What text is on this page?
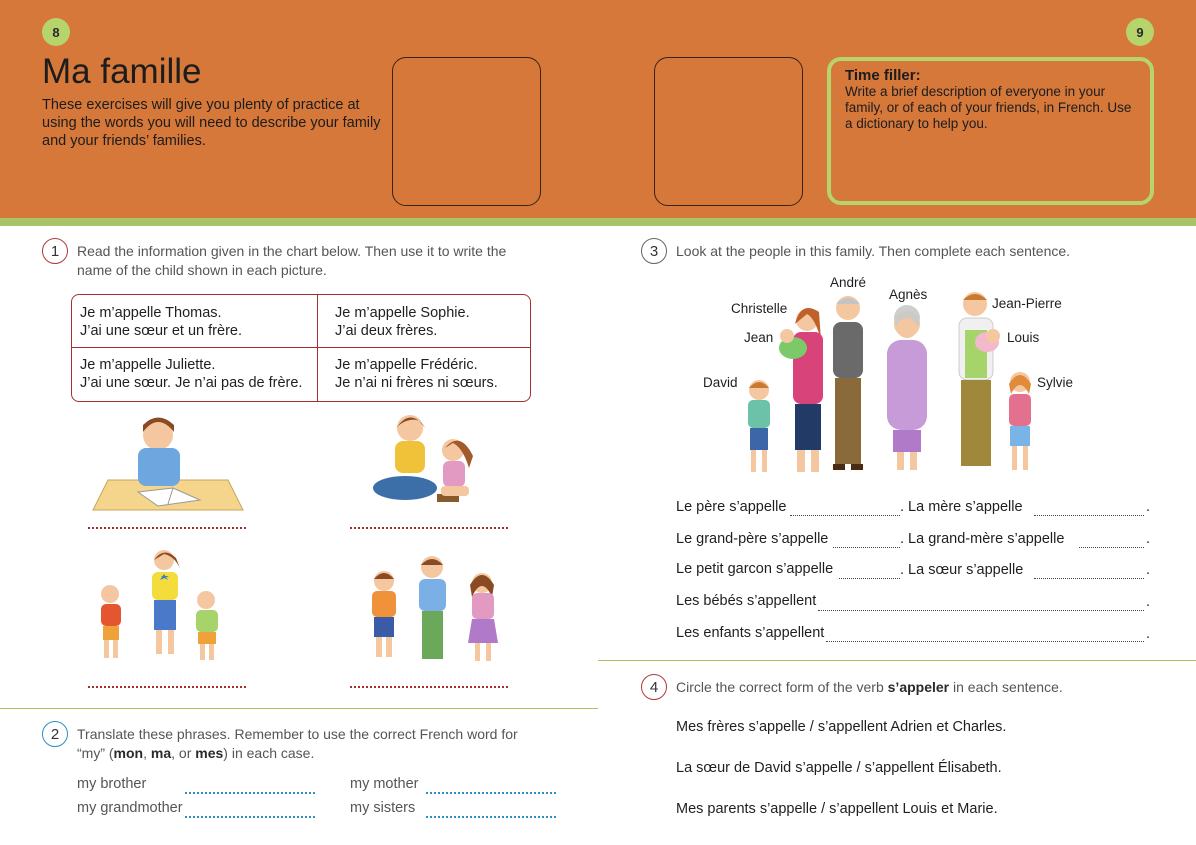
8	9
Ma famille
These exercises will give you plenty of practice at using the words you will need to describe your family and your friends’ families.
Time filler:

Write a brief description of everyone in your family, or of each of your friends, in French. Use a dictionary to help you.

1	Read the information given in the chart below. Then use it to write the name of the child shown in each picture.
Je m’appelle Thomas.
J’ai une sœur et un frère.
Je m’appelle Sophie.
J’ai deux frères.
Je m’appelle Juliette.
J’ai une sœur. Je n’ai pas de frère.
Je m’appelle Frédéric.
Je n’ai ni frères ni sœurs.
2	Translate these phrases. Remember to use the correct French word for “my” (mon, ma, or mes) in each case.
my brother	my mother
my grandmother	my sisters
3	Look at the people in this family. Then complete each sentence.
André
Agnès
Christelle	Jean-Pierre
Jean	Louis
David	Sylvie
Le père s’appelle	. La mère s’appelle	.
Le grand-père s’appelle	. La grand-mère s’appelle	.
Le petit garcon s’appelle	. La sœur s’appelle	.
Les bébés s’appellent	.
Les enfants s’appellent	.
4	Circle the correct form of the verb s’appeler in each sentence.
Mes frères s’appelle / s’appellent Adrien et Charles.
La sœur de David s’appelle / s’appellent Élisabeth.
Mes parents s’appelle / s’appellent Louis et Marie.
